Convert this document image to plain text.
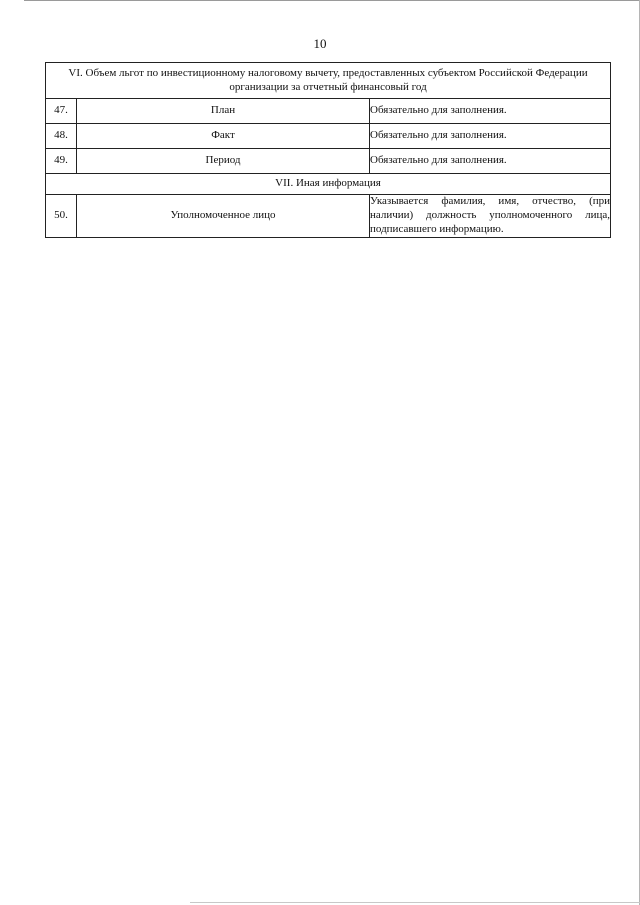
10
VI. Объем льгот по инвестиционному налоговому вычету, предоставленных субъектом Российской Федерации организации за отчетный финансовый год		
47.	План	Обязательно для заполнения.
48.	Факт	Обязательно для заполнения.
49.	Период	Обязательно для заполнения.
VII. Иная информация		
50.	Уполномоченное лицо	Указывается фамилия, имя, отчество, (при наличии) должность уполномоченного лица, подписавшего информацию.
